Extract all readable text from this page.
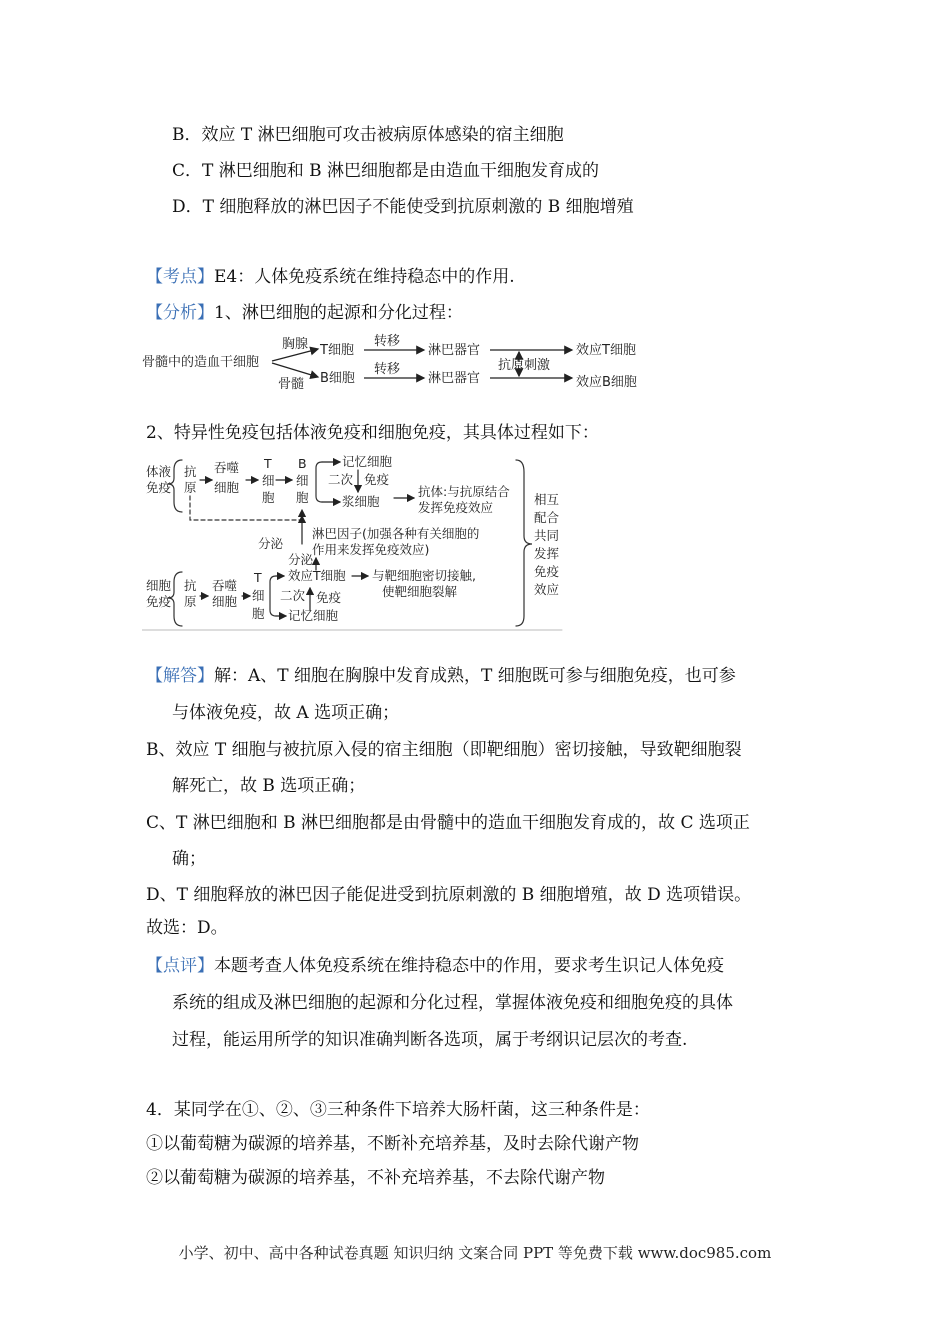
B．效应 T 淋巴细胞可攻击被病原体感染的宿主细胞
C．T 淋巴细胞和 B 淋巴细胞都是由造血干细胞发育成的
D．T 细胞释放的淋巴因子不能使受到抗原刺激的 B 细胞增殖
【考点】E4：人体免疫系统在维持稳态中的作用.
【分析】1、淋巴细胞的起源和分化过程：
骨髓中的造血干细胞
胸腺
骨髓
T细胞
B细胞
转移
转移
淋巴器官
淋巴器官
抗原刺激
效应T细胞
效应B细胞
2、特异性免疫包括体液免疫和细胞免疫，其具体过程如下：
体液
免疫
抗
原
吞噬
细胞
T
细
胞
B
细
胞
记忆细胞
二次 免疫
浆细胞
抗体:与抗原结合
发挥免疫效应
分泌
淋巴因子(加强各种有关细胞的
作用来发挥免疫效应)
分泌
细胞
免疫
抗
原
吞噬
细胞
T
细
胞
效应T细胞 与靶细胞密切接触,
使靶细胞裂解
二次 免疫
记忆细胞
相互
配合
共同
发挥
免疫
效应
【解答】解：A、T 细胞在胸腺中发育成熟，T 细胞既可参与细胞免疫，也可参
与体液免疫，故 A 选项正确；
B、效应 T 细胞与被抗原入侵的宿主细胞（即靶细胞）密切接触，导致靶细胞裂
解死亡，故 B 选项正确；
C、T 淋巴细胞和 B 淋巴细胞都是由骨髓中的造血干细胞发育成的，故 C 选项正
确；
D、T 细胞释放的淋巴因子能促进受到抗原刺激的 B 细胞增殖，故 D 选项错误。
故选：D。
【点评】本题考查人体免疫系统在维持稳态中的作用，要求考生识记人体免疫
系统的组成及淋巴细胞的起源和分化过程，掌握体液免疫和细胞免疫的具体
过程，能运用所学的知识准确判断各选项，属于考纲识记层次的考查.
4．某同学在①、②、③三种条件下培养大肠杆菌，这三种条件是：
①以葡萄糖为碳源的培养基，不断补充培养基，及时去除代谢产物
②以葡萄糖为碳源的培养基，不补充培养基，不去除代谢产物
小学、初中、高中各种试卷真题 知识归纳 文案合同 PPT 等免费下载 www.doc985.com
